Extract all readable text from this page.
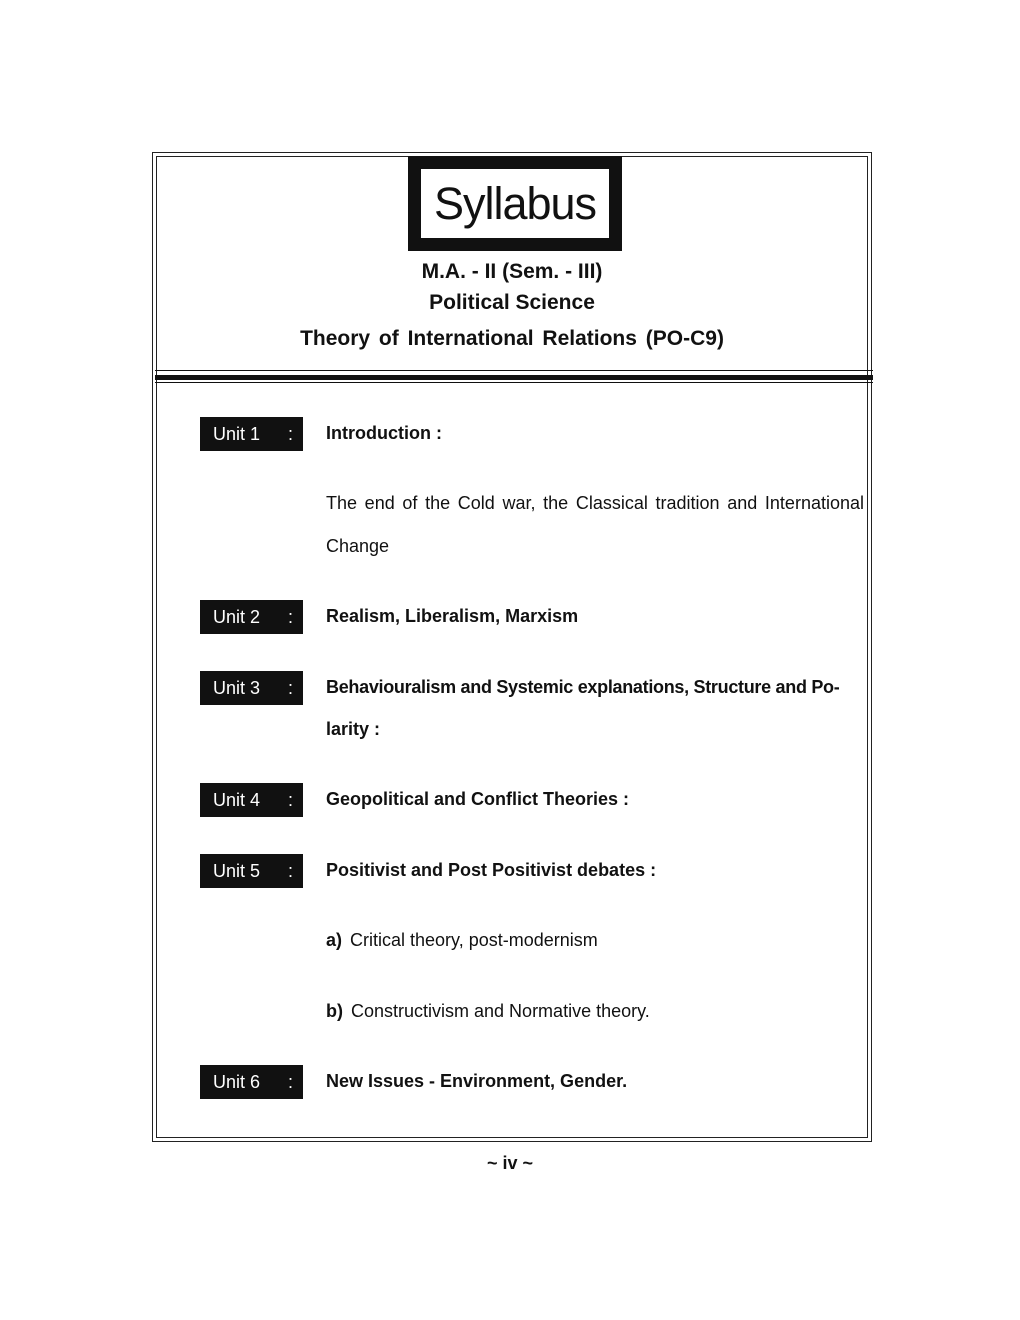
Syllabus
M.A. - II (Sem. - III)
Political Science
Theory of International Relations (PO-C9)
Unit 1 : Introduction :
The end of the Cold war, the Classical tradition and International Change
Unit 2 : Realism, Liberalism, Marxism
Unit 3 : Behaviouralism and Systemic explanations, Structure and Po-
larity :
Unit 4 : Geopolitical and Conflict Theories :
Unit 5 : Positivist and Post Positivist debates :
a) Critical theory, post-modernism
b) Constructivism and Normative theory.
Unit 6 : New Issues - Environment, Gender.
~ iv ~
